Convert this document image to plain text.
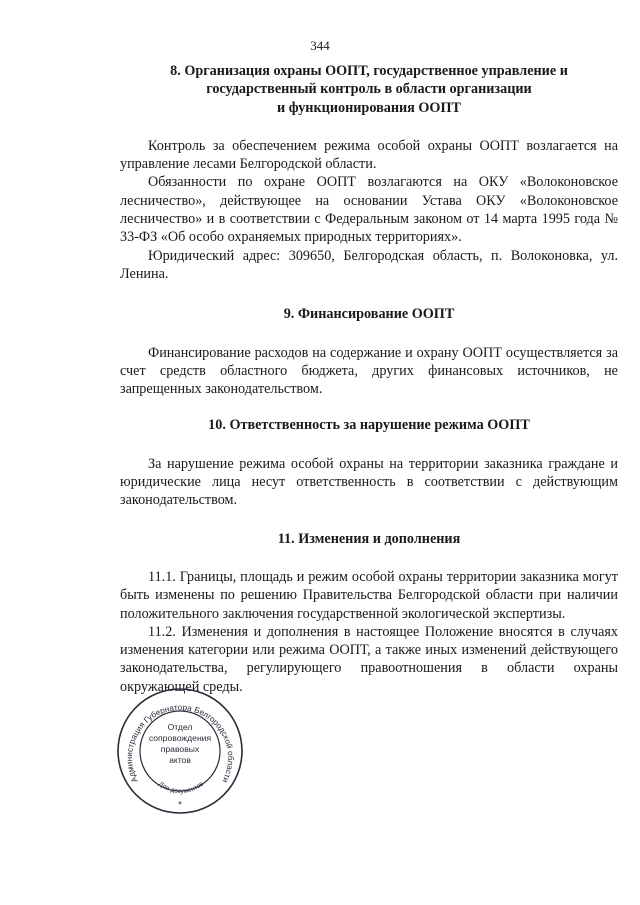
344
8. Организация охраны ООПТ, государственное управление и
государственный контроль в области организации
и функционирования ООПТ

Контроль за обеспечением режима особой охраны ООПТ возлагается на управление лесами Белгородской области.

Обязанности по охране ООПТ возлагаются на ОКУ «Волоконовское лесничество», действующее на основании Устава ОКУ «Волоконовское лесничество» и в соответствии с Федеральным законом от 14 марта 1995 года № 33-ФЗ «Об особо охраняемых природных территориях».

Юридический адрес: 309650, Белгородская область, п. Волоконовка, ул. Ленина.

9. Финансирование ООПТ

Финансирование расходов на содержание и охрану ООПТ осуществляется за счет средств областного бюджета, других финансовых источников, не запрещенных законодательством.

10. Ответственность за нарушение режима ООПТ

За нарушение режима особой охраны на территории заказника граждане и юридические лица несут ответственность в соответствии с действующим законодательством.

11. Изменения и дополнения

11.1. Границы, площадь и режим особой охраны территории заказника могут быть изменены по решению Правительства Белгородской области при наличии положительного заключения государственной экологической экспертизы.

11.2. Изменения и дополнения в настоящее Положение вносятся в случаях изменения категории или режима ООПТ, а также иных изменений действующего законодательства, регулирующего правоотношения в области охраны окружающей среды.

Администрация Губернатора Белгородской области
Отдел
сопровождения
правовых
актов
Для документов
*
